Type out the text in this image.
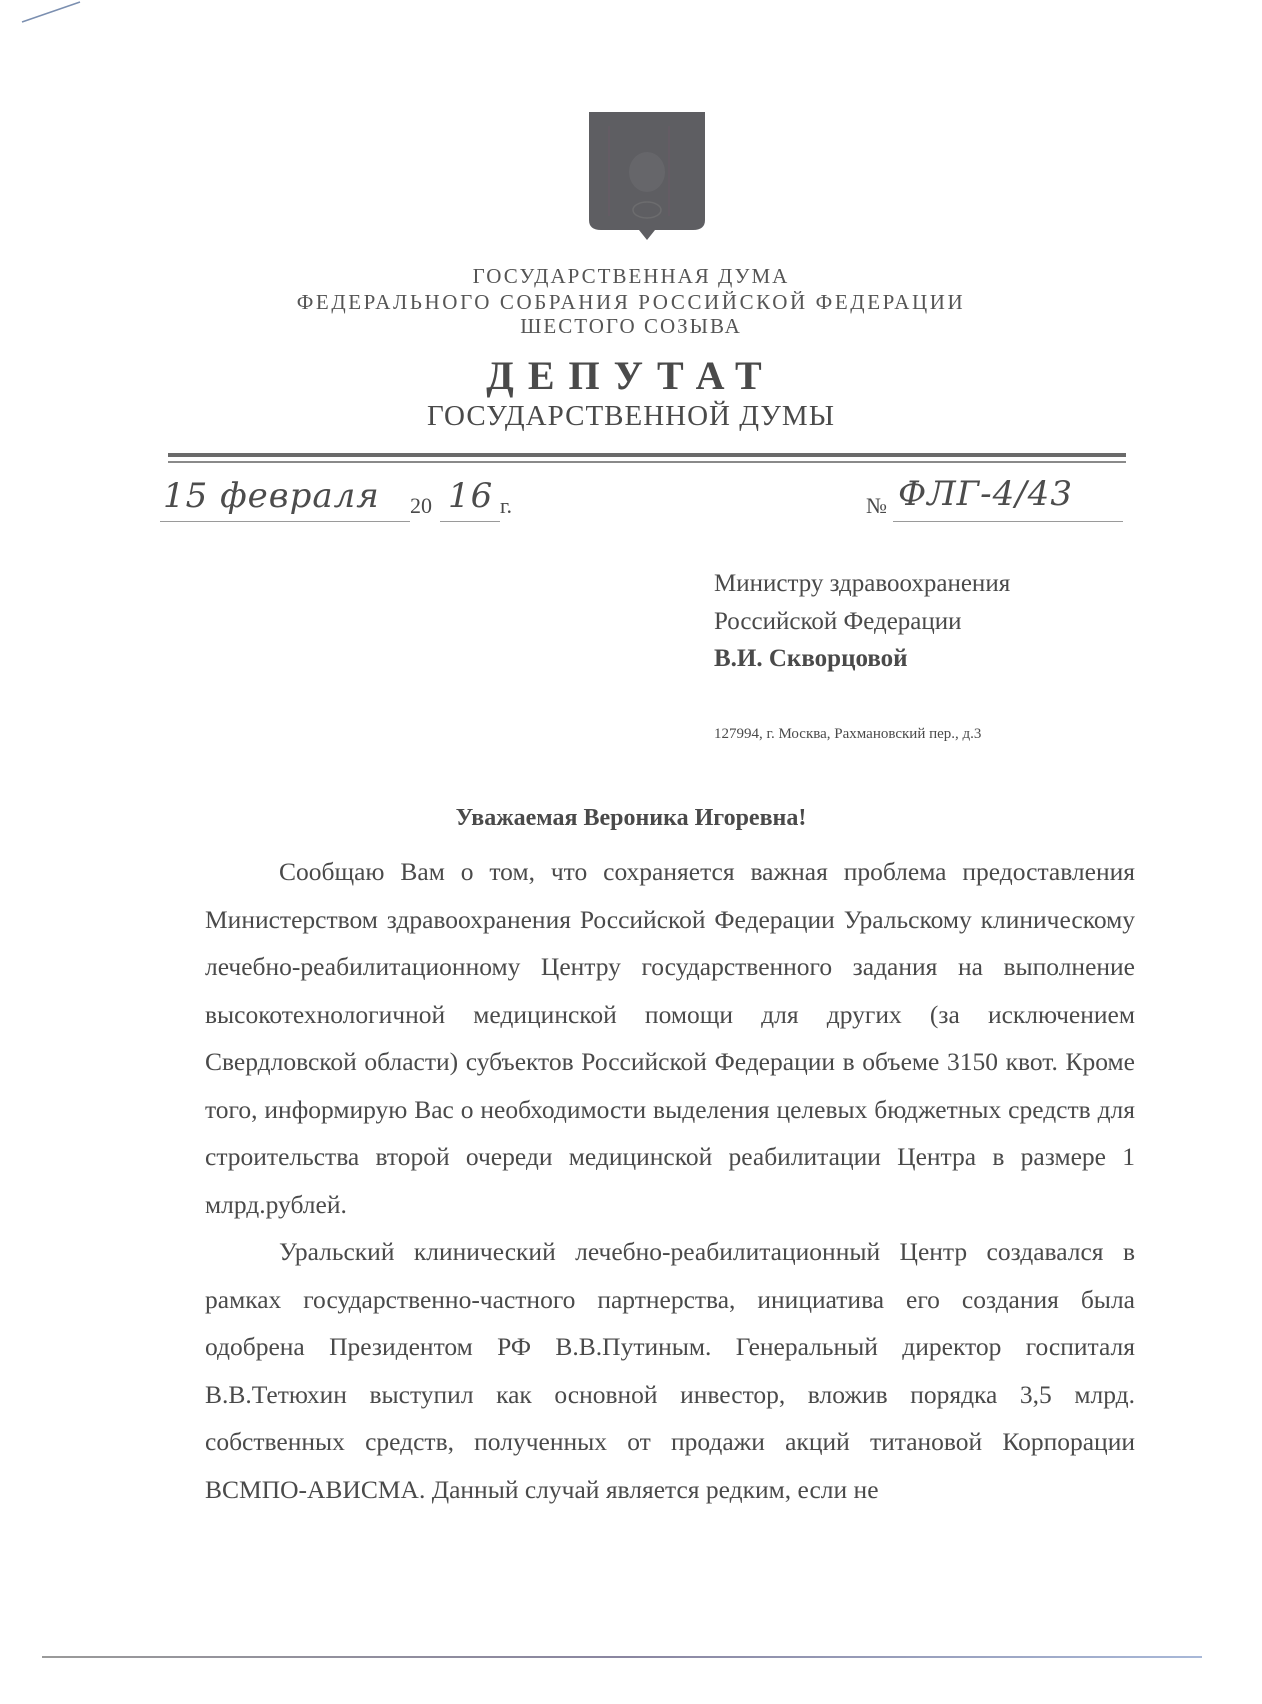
ГОСУДАРСТВЕННАЯ ДУМА
ФЕДЕРАЛЬНОГО СОБРАНИЯ РОССИЙСКОЙ ФЕДЕРАЦИИ
ШЕСТОГО СОЗЫВА
ДЕПУТАТ
ГОСУДАРСТВЕННОЙ ДУМЫ
15 февраля 20 16 г.	№ ФЛГ-4/43
Министру здравоохранения
Российской Федерации
В.И. Скворцовой
127994, г. Москва, Рахмановский пер., д.3
Уважаемая Вероника Игоревна!

Сообщаю Вам о том, что сохраняется важная проблема предоставления Министерством здравоохранения Российской Федерации Уральскому клиническому лечебно-реабилитационному Центру государственного задания на выполнение высокотехнологичной медицинской помощи для других (за исключением Свердловской области) субъектов Российской Федерации в объеме 3150 квот. Кроме того, информирую Вас о необходимости выделения целевых бюджетных средств для строительства второй очереди медицинской реабилитации Центра в размере 1 млрд.рублей.

Уральский клинический лечебно-реабилитационный Центр создавался в рамках государственно-частного партнерства, инициатива его создания была одобрена Президентом РФ В.В.Путиным. Генеральный директор госпиталя В.В.Тетюхин выступил как основной инвестор, вложив порядка 3,5 млрд. собственных средств, полученных от продажи акций титановой Корпорации ВСМПО-АВИСМА. Данный случай является редким, если не
